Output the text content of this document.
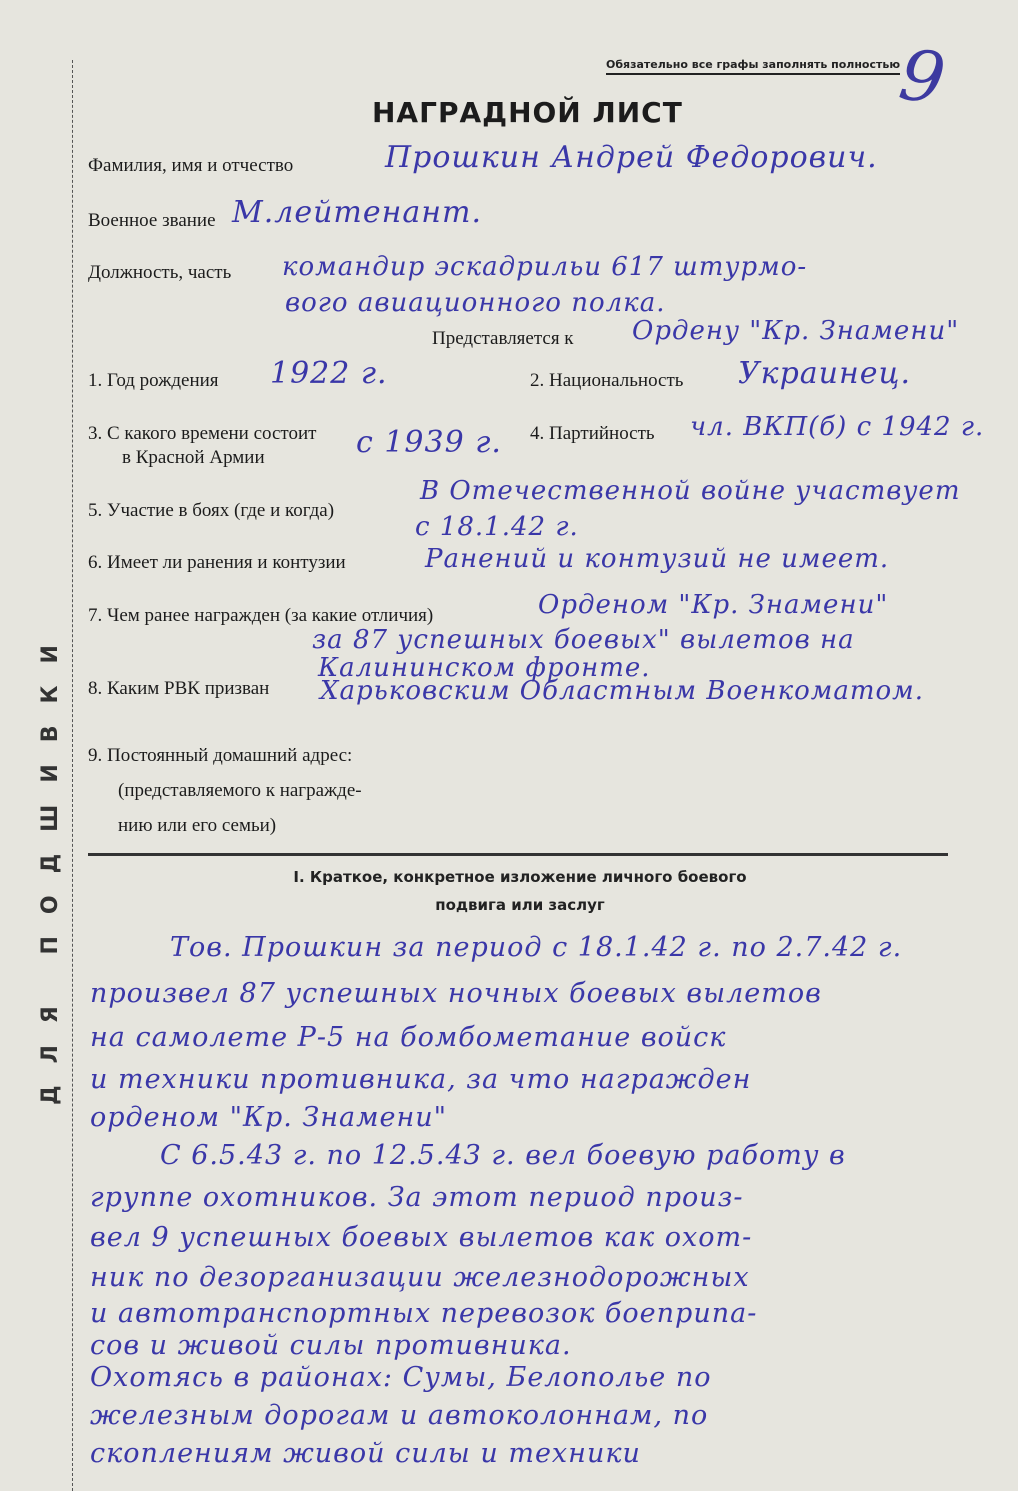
ДЛЯ ПОДШИВКИ
Обязательно все графы заполнять полностью
9
НАГРАДНОЙ ЛИСТ
Фамилия, имя и отчество	Прошкин Андрей Федорович.
Военное звание М.лейтенант.
Должность, часть командир эскадрильи 617 штурмо-
вого авиационного полка.
Представляется к Ордену "Кр. Знамени"
1. Год рождения 1922 г.	2. Национальность Украинец.
3. С какого времени состоит
в Красной Армии	с 1939 г. 4. Партийность чл. ВКП(б) с 1942 г.
5. Участие в боях (где и когда)
В Отечественной войне участвует
с 18.1.42 г.
6. Имеет ли ранения и контузии	Ранений и контузий не имеет.
7. Чем ранее награжден (за какие отличия)	Орденом "Кр. Знамени"
за 87 успешных боевых" вылетов на
Калининском фронте.
8. Каким РВК призван Харьковским Областным Военкоматом.
9. Постоянный домашний адрес:
(представляемого к награжде-
нию или его семьи)
I. Краткое, конкретное изложение личного боевого
подвига или заслуг
Тов. Прошкин за период с 18.1.42 г. по 2.7.42 г.
произвел 87 успешных ночных боевых вылетов
на самолете Р-5 на бомбометание войск
и техники противника, за что награжден
орденом "Кр. Знамени"
С 6.5.43 г. по 12.5.43 г. вел боевую работу в
группе охотников. За этот период произ-
вел 9 успешных боевых вылетов как охот-
ник по дезорганизации железнодорожных
и автотранспортных перевозок боеприпа-
сов и живой силы противника.
Охотясь в районах: Сумы, Белополье по
железным дорогам и автоколоннам, по
скоплениям живой силы и техники
